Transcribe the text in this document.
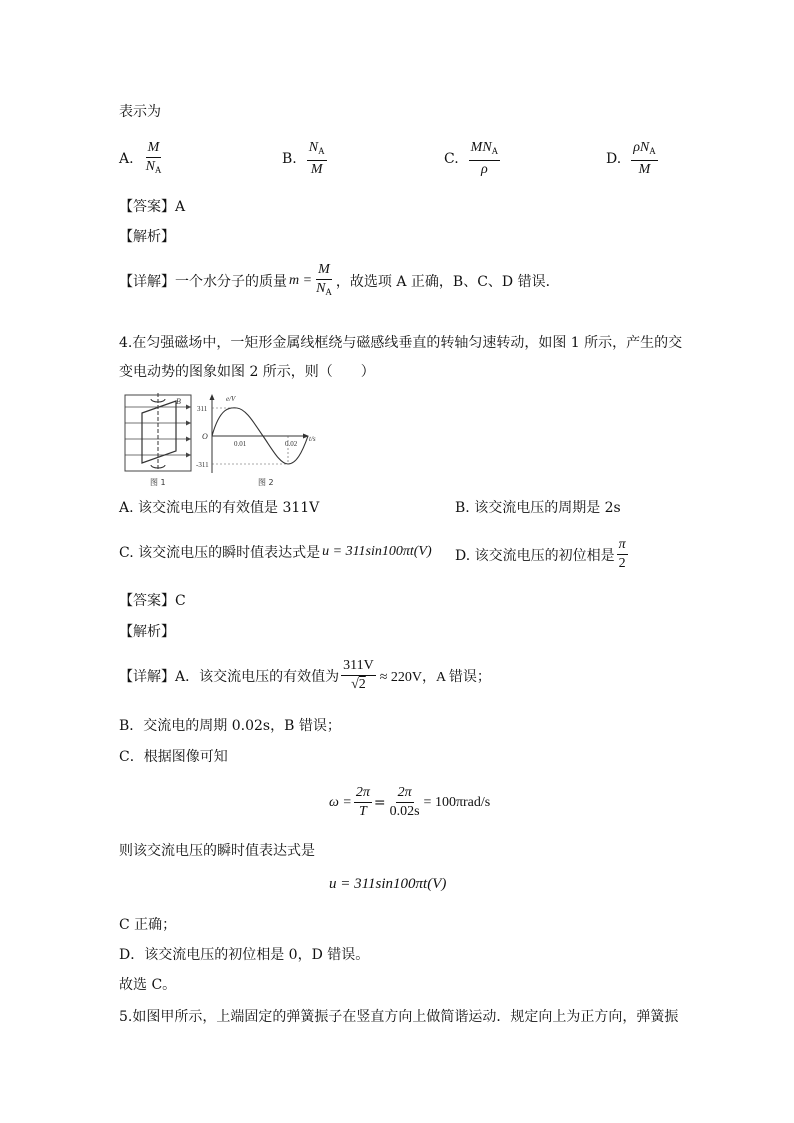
表示为
A. $\frac{M}{N_A}$	B. $\frac{N_A}{M}$	C. $\frac{MN_A}{\rho}$	D. $\frac{\rho N_A}{M}$
【答案】A
【解析】
【详解】一个水分子的质量 $m = \frac{M}{N_A}$ ，故选项 A 正确，B、C、D 错误．
4.在匀强磁场中，一矩形金属线框绕与磁感线垂直的转轴匀速转动，如图 1 所示，产生的交
变电动势的图象如图 2 所示，则（　　）
B
图 1
e/V
t/s
311
-311
O
0.01	0.02
图 2
A. 该交流电压的有效值是 311V	B. 该交流电压的周期是 2s
C. 该交流电压的瞬时值表达式是 u = 311sin100πt(V) D. 该交流电压的初位相是 $\frac{\pi}{2}$
【答案】C
【解析】
【详解】A．该交流电压的有效值为 $\frac{311V}{√2} \approx 220V$，A 错误；
B．交流电的周期 0.02s，B 错误；
C．根据图像可知
$\omega = \frac{2\pi}{T} = \frac{2\pi}{0.02s} = 100\pi rad/s$
则该交流电压的瞬时值表达式是
u = 311sin100πt(V)
C 正确；
D．该交流电压的初位相是 0，D 错误。
故选 C。
5.如图甲所示，上端固定的弹簧振子在竖直方向上做简谐运动．规定向上为正方向，弹簧振
